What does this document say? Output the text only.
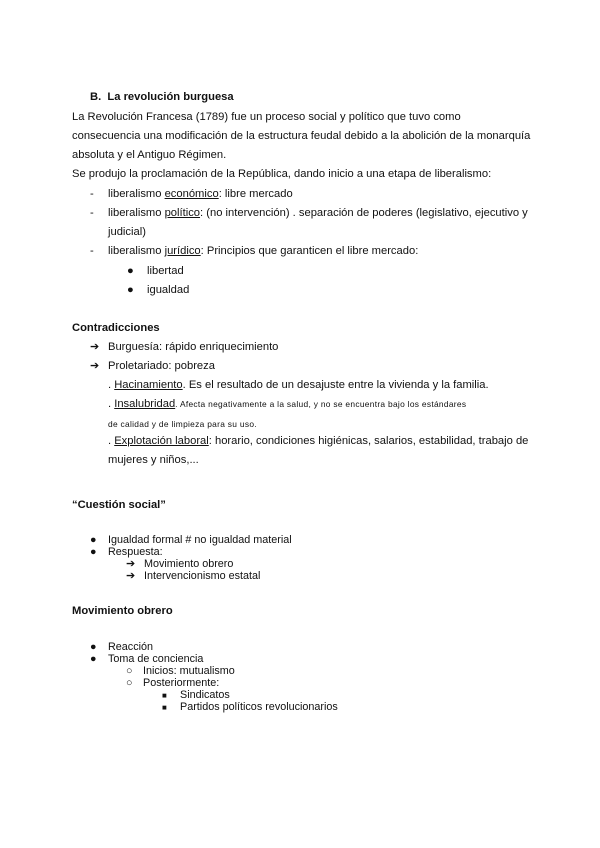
B. La revolución burguesa
La Revolución Francesa (1789) fue un proceso social y político que tuvo como
consecuencia una modificación de la estructura feudal debido a la abolición de la monarquía
absoluta y el Antiguo Régimen.
Se produjo la proclamación de la República, dando inicio a una etapa de liberalismo:
- liberalismo económico: libre mercado
- liberalismo político: (no intervención) . separación de poderes (legislativo, ejecutivo y
judicial)
- liberalismo jurídico: Principios que garanticen el libre mercado:
● libertad
● igualdad
Contradicciones
➔ Burguesía: rápido enriquecimiento
➔ Proletariado: pobreza
. Hacinamiento. Es el resultado de un desajuste entre la vivienda y la familia.
. Insalubridad. Afecta negativamente a la salud, y no se encuentra bajo los estándares
de calidad y de limpieza para su uso.
. Explotación laboral: horario, condiciones higiénicas, salarios, estabilidad, trabajo de
mujeres y niños,...
“Cuestión social”
● Igualdad formal # no igualdad material
● Respuesta:
➔ Movimiento obrero
➔ Intervencionismo estatal
Movimiento obrero
● Reacción
● Toma de conciencia
○ Inicios: mutualismo
○ Posteriormente:
■ Sindicatos
■ Partidos políticos revolucionarios
